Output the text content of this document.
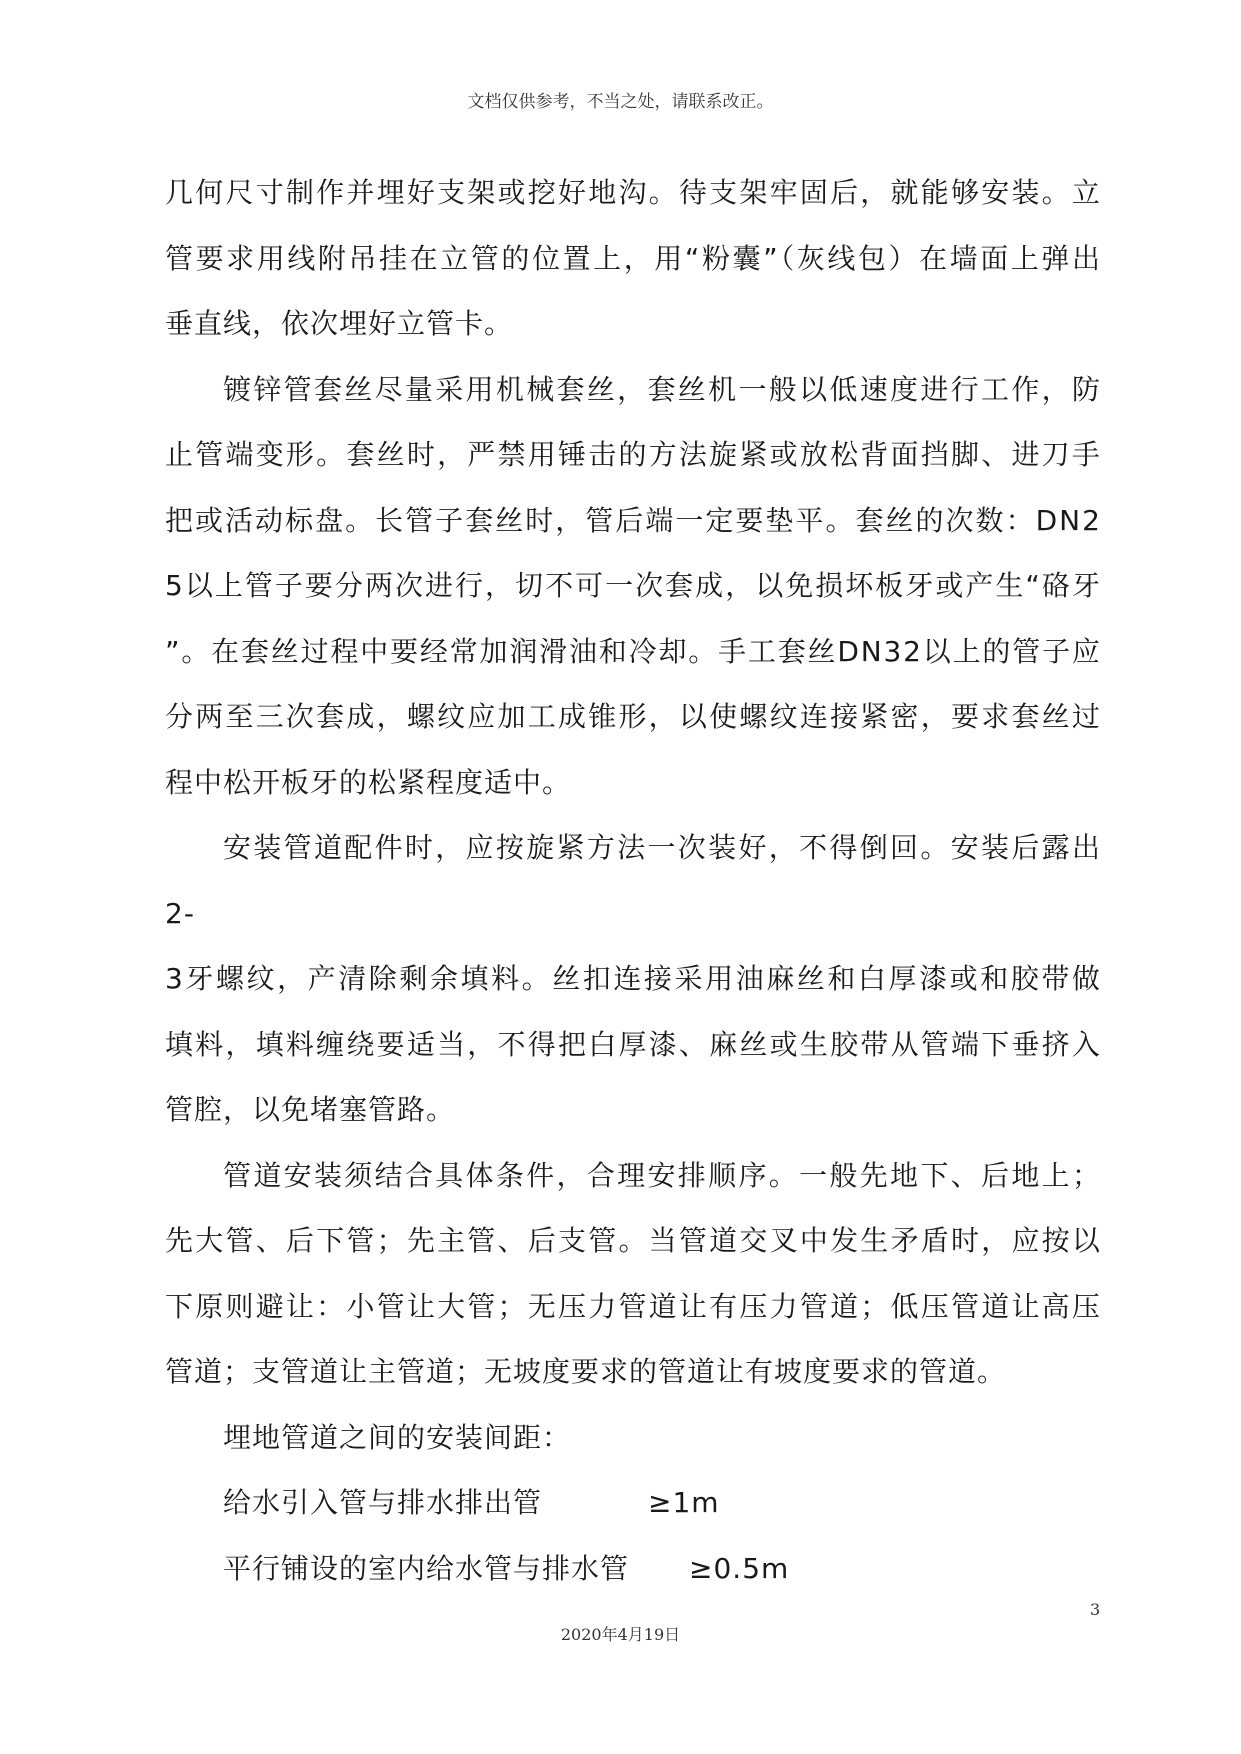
文档仅供参考，不当之处，请联系改正。
几何尺寸制作并埋好支架或挖好地沟。待支架牢固后，就能够安装。立 管要求用线附吊挂在立管的位置上，用“粉囊”（灰线包）在墙面上弹出
垂直线，依次埋好立管卡。
镀锌管套丝尽量采用机械套丝，套丝机一般以低速度进行工作，防 止管端变形。套丝时，严禁用锤击的方法旋紧或放松背面挡脚、进刀手 把或活动标盘。长管子套丝时，管后端一定要垫平。套丝的次数：DN2 5以上管子要分两次进行，切不可一次套成，以免损坏板牙或产生“硌牙 ”。在套丝过程中要经常加润滑油和冷却。手工套丝DN32以上的管子应 分两至三次套成，螺纹应加工成锥形，以使螺纹连接紧密，要求套丝过
程中松开板牙的松紧程度适中。
安装管道配件时，应按旋紧方法一次装好，不得倒回。安装后露出
2-
3牙螺纹，产清除剩余填料。丝扣连接采用油麻丝和白厚漆或和胶带做 填料，填料缠绕要适当，不得把白厚漆、麻丝或生胶带从管端下垂挤入
管腔，以免堵塞管路。
管道安装须结合具体条件，合理安排顺序。一般先地下、后地上； 先大管、后下管；先主管、后支管。当管道交叉中发生矛盾时，应按以 下原则避让：小管让大管；无压力管道让有压力管道；低压管道让高压
管道；支管道让主管道；无坡度要求的管道让有坡度要求的管道。
埋地管道之间的安装间距：
给水引入管与排水排出管	≥1m
平行铺设的室内给水管与排水管 ≥0.5m
3
2020年4月19日
